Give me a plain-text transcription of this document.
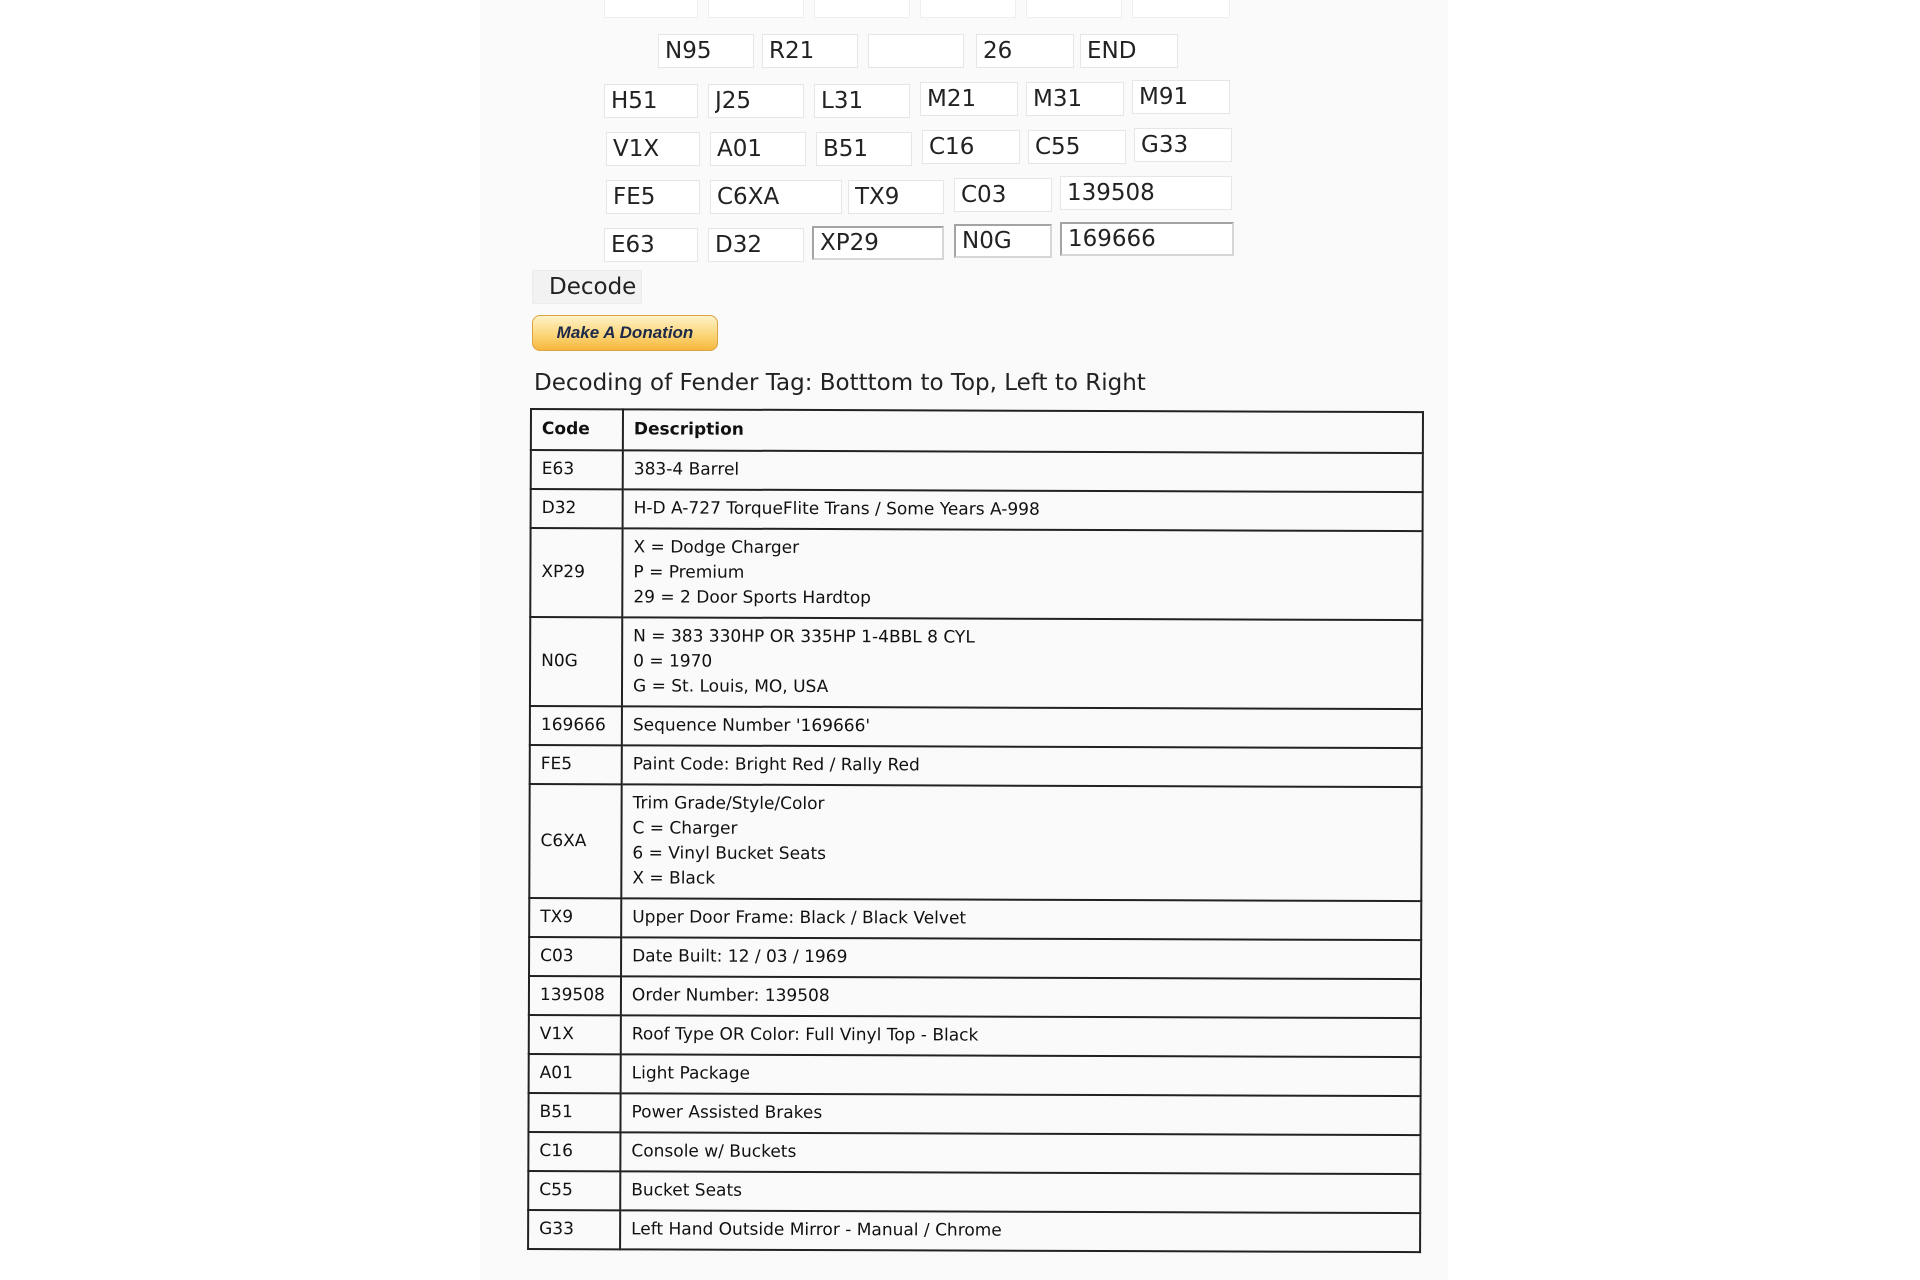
N95
R21
26
END
H51
J25
L31
M21
M31
M91
V1X
A01
B51
C16
C55
G33
FE5
C6XA
TX9
C03
139508
E63
D32
XP29
N0G
169666
Decode
Make A Donation
Decoding of Fender Tag: Botttom to Top, Left to Right
Code	Description
E63	383-4 Barrel

D32	H-D A-727 TorqueFlite Trans / Some Years A-998

XP29	X = Dodge Charger
P = Premium
29 = 2 Door Sports Hardtop

N0G	N = 383 330HP OR 335HP 1-4BBL 8 CYL
0 = 1970
G = St. Louis, MO, USA

169666	Sequence Number '169666'

FE5	Paint Code: Bright Red / Rally Red

C6XA	Trim Grade/Style/Color
C = Charger
6 = Vinyl Bucket Seats
X = Black

TX9	Upper Door Frame: Black / Black Velvet

C03	Date Built: 12 / 03 / 1969

139508	Order Number: 139508

V1X	Roof Type OR Color: Full Vinyl Top - Black

A01	Light Package

B51	Power Assisted Brakes

C16	Console w/ Buckets

C55	Bucket Seats

G33	Left Hand Outside Mirror - Manual / Chrome
